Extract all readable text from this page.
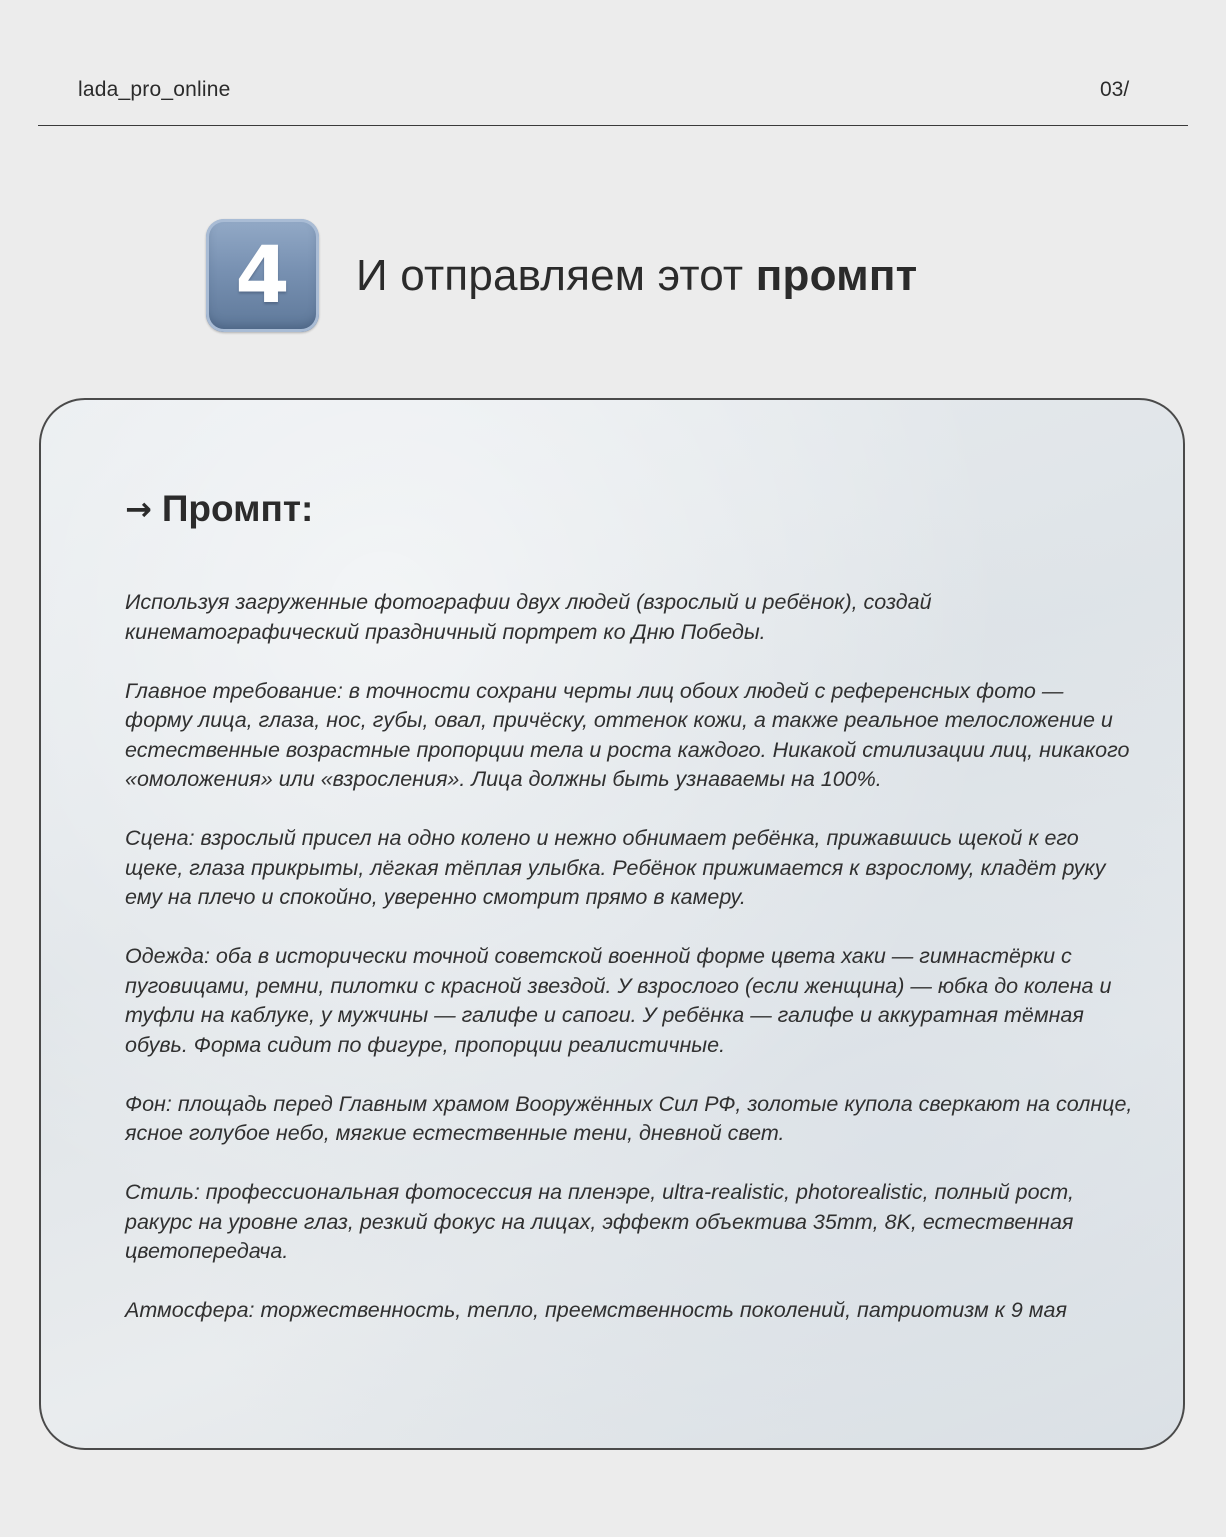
lada_pro_online	03/
4 И отправляем этот промпт
→ Промпт:

Используя загруженные фотографии двух людей (взрослый и ребёнок), создай кинематографический праздничный портрет ко Дню Победы.

Главное требование: в точности сохрани черты лиц обоих людей с референсных фото — форму лица, глаза, нос, губы, овал, причёску, оттенок кожи, а также реальное телосложение и естественные возрастные пропорции тела и роста каждого. Никакой стилизации лиц, никакого «омоложения» или «взросления». Лица должны быть узнаваемы на 100%.

Сцена: взрослый присел на одно колено и нежно обнимает ребёнка, прижавшись щекой к его щеке, глаза прикрыты, лёгкая тёплая улыбка. Ребёнок прижимается к взрослому, кладёт руку ему на плечо и спокойно, уверенно смотрит прямо в камеру.

Одежда: оба в исторически точной советской военной форме цвета хаки — гимнастёрки с пуговицами, ремни, пилотки с красной звездой. У взрослого (если женщина) — юбка до колена и туфли на каблуке, у мужчины — галифе и сапоги. У ребёнка — галифе и аккуратная тёмная обувь. Форма сидит по фигуре, пропорции реалистичные.

Фон: площадь перед Главным храмом Вооружённых Сил РФ, золотые купола сверкают на солнце, ясное голубое небо, мягкие естественные тени, дневной свет.

Стиль: профессиональная фотосессия на пленэре, ultra-realistic, photorealistic, полный рост, ракурс на уровне глаз, резкий фокус на лицах, эффект объектива 35mm, 8K, естественная цветопередача.

Атмосфера: торжественность, тепло, преемственность поколений, патриотизм к 9 мая
